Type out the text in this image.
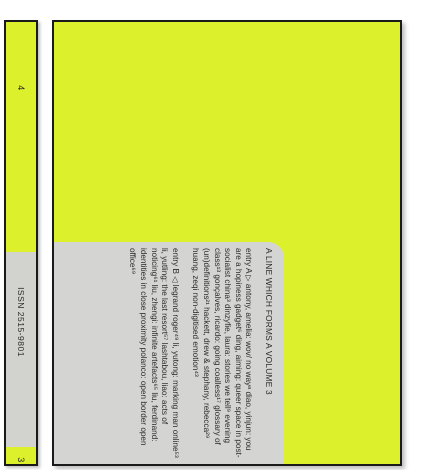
4
ISSN 2515-9801
3
A LINE WHICH FORMS A VOLUME 3
entry A ▷ antony, amelia: wov/ no wayᵃ diao, yinjun: you are a hopiness gadget⁶ ding, aiming: queer space in post-socialist china³ dinzyfie, laura: stories we tell⁹ evening class¹³ gonçalves, ricardo: going coalless¹⁷ glossary of (un)definitions²¹ hackett, drew & stephany, rebecca²⁹ huang, zeqi non-digitised emotion⁴³
entry B ◁ legrand roger⁴⁹ li, yutong: marking man online⁵³ li, yutling: the last resort⁵⁷ lashtabou, liao: acts of noticing⁶¹ liu, zhengi: infinite artefacts⁶⁵ liu, ferdinand: identities in close proximity polanco: open border open office⁶⁹
